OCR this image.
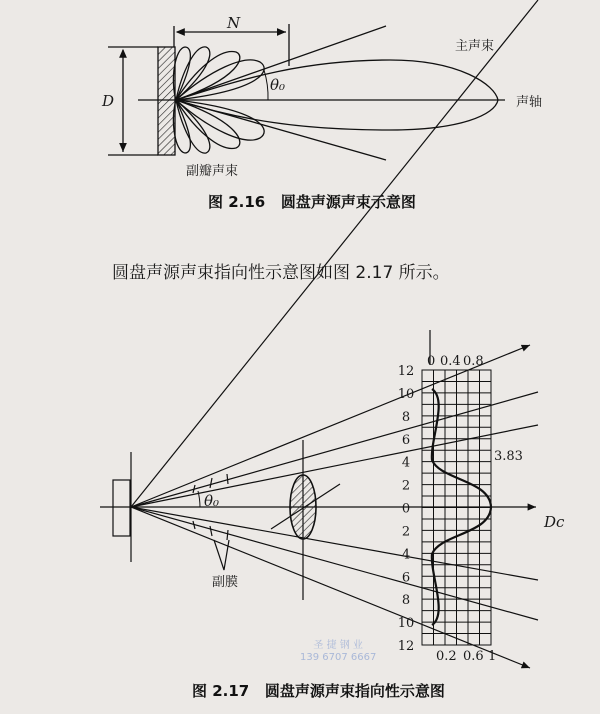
N
D
θ₀
主声束
声轴
副瓣声束
θ₀
副膜
3.83
Dc
12
10
8
6
4
2
0
2
4
6
8
10
12
0 0.4 0.8
0.2 0.6 1
图 2.16   圆盘声源声束示意图
圆盘声源声束指向性示意图如图 2.17 所示。
圣 捷 钢 业
139 6707 6667
图 2.17   圆盘声源声束指向性示意图
